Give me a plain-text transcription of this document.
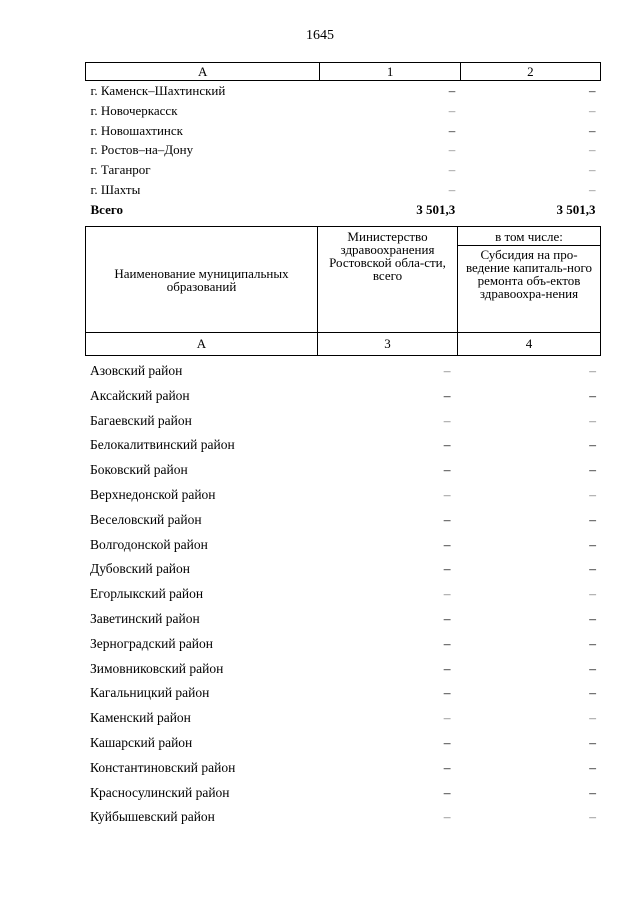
1645
А	1	2
г. Каменск–Шахтинский	–	–
г. Новочеркасск	–	–
г. Новошахтинск	–	–
г. Ростов–на–Дону	–	–
г. Таганрог	–	–
г. Шахты	–	–
Всего	3 501,3	3 501,3
Наименование муниципальных образований	Министерство здравоохранения Ростовской обла-сти, всего	в том числе:
		Субсидия на про-ведение капиталь-ного ремонта объ-ектов здравоохра-нения
А	3	4
Азовский район	–	–
Аксайский район	–	–
Багаевский район	–	–
Белокалитвинский район	–	–
Боковский район	–	–
Верхнедонской район	–	–
Веселовский район	–	–
Волгодонской район	–	–
Дубовский район	–	–
Егорлыкский район	–	–
Заветинский район	–	–
Зерноградский район	–	–
Зимовниковский район	–	–
Кагальницкий район	–	–
Каменский район	–	–
Кашарский район	–	–
Константиновский район	–	–
Красносулинский район	–	–
Куйбышевский район	–	–
